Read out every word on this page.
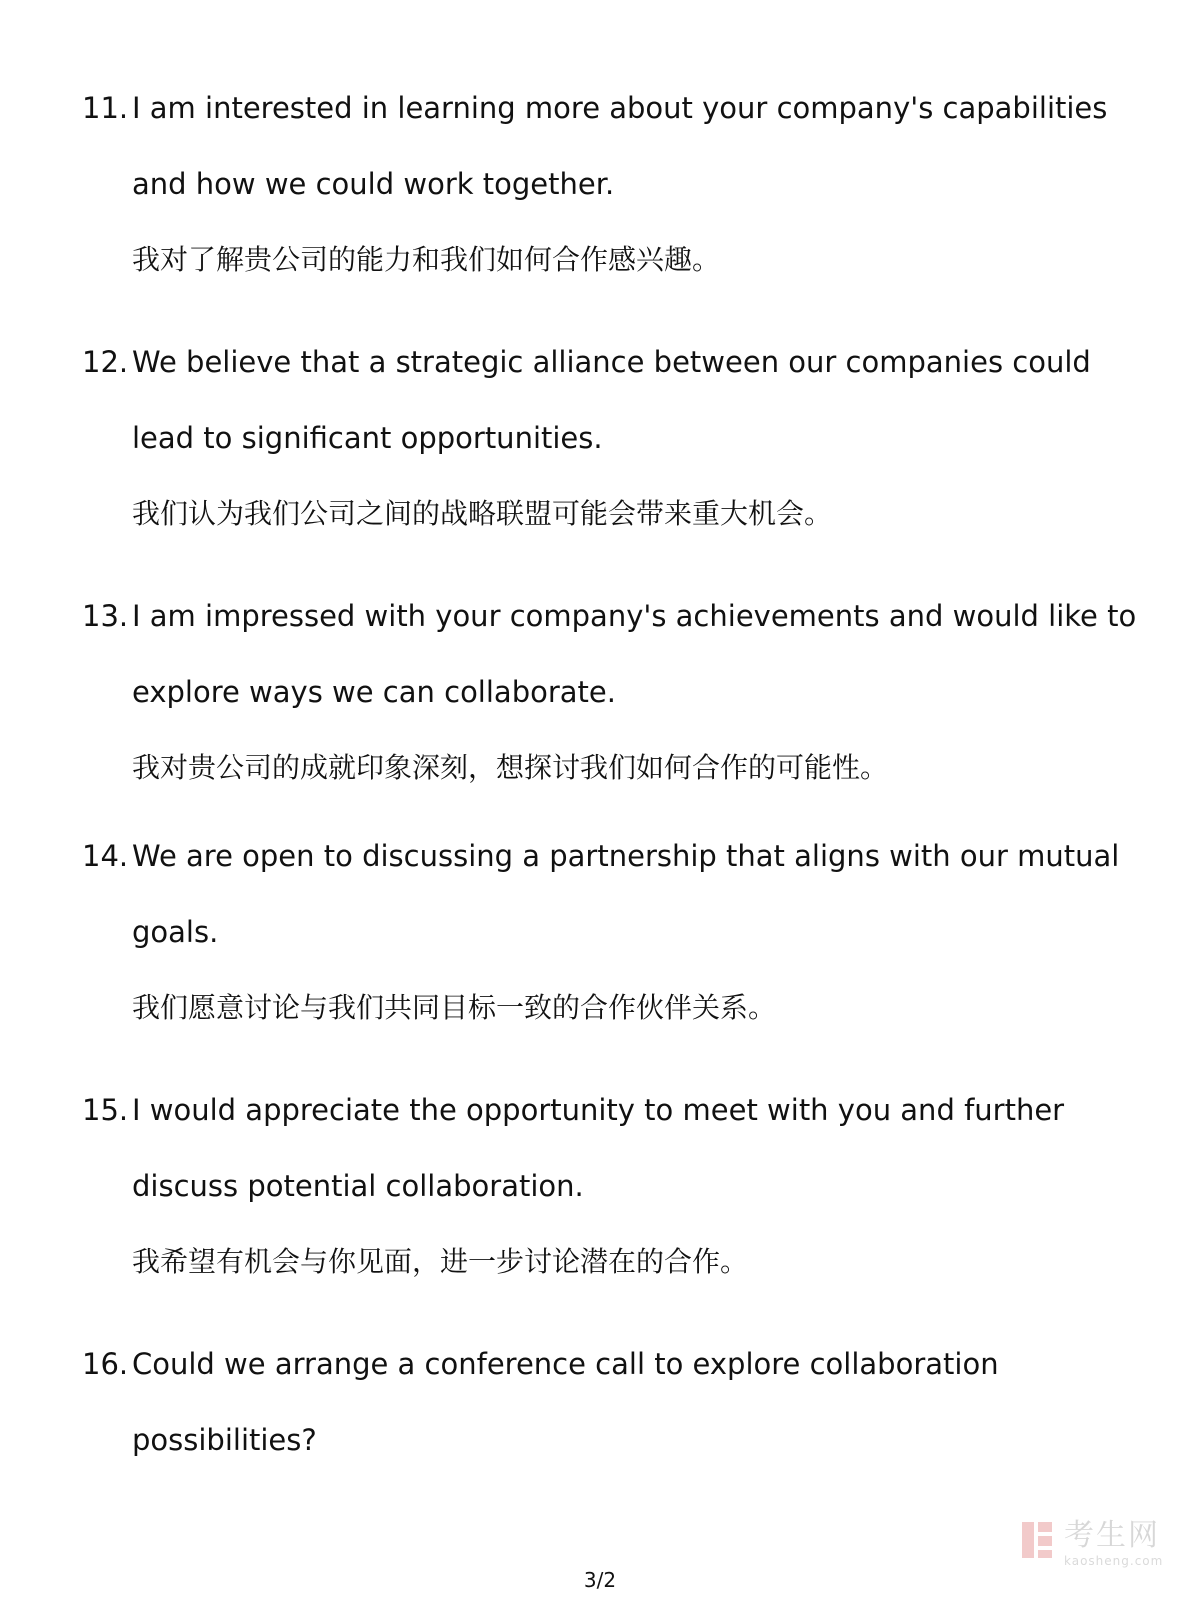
11. I am interested in learning more about your company's capabilities
and how we could work together.
我对了解贵公司的能力和我们如何合作感兴趣。
12. We believe that a strategic alliance between our companies could
lead to significant opportunities.
我们认为我们公司之间的战略联盟可能会带来重大机会。
13. I am impressed with your company's achievements and would like to
explore ways we can collaborate.
我对贵公司的成就印象深刻，想探讨我们如何合作的可能性。
14. We are open to discussing a partnership that aligns with our mutual
goals.
我们愿意讨论与我们共同目标一致的合作伙伴关系。
15. I would appreciate the opportunity to meet with you and further
discuss potential collaboration.
我希望有机会与你见面，进一步讨论潜在的合作。
16. Could we arrange a conference call to explore collaboration
possibilities?
3/2
考生网
kaosheng.com
